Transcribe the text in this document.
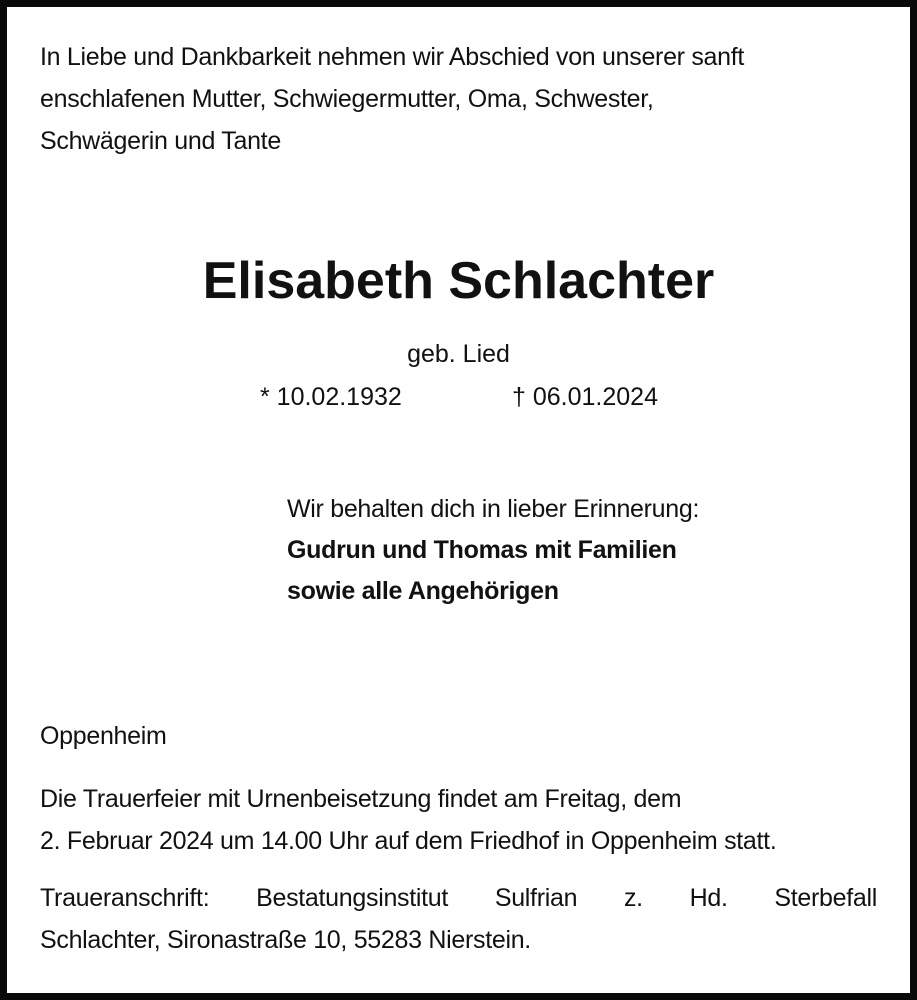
In Liebe und Dankbarkeit nehmen wir Abschied von unserer sanft
enschlafenen Mutter, Schwiegermutter, Oma, Schwester,
Schwägerin und Tante
Elisabeth Schlachter
geb. Lied
* 10.02.1932	† 06.01.2024
Wir behalten dich in lieber Erinnerung:
Gudrun und Thomas mit Familien
sowie alle Angehörigen
Oppenheim
Die Trauerfeier mit Urnenbeisetzung findet am Freitag, dem
2. Februar 2024 um 14.00 Uhr auf dem Friedhof in Oppenheim statt.
Traueranschrift: Bestatungsinstitut Sulfrian z. Hd. Sterbefall
Schlachter, Sironastraße 10, 55283 Nierstein.
